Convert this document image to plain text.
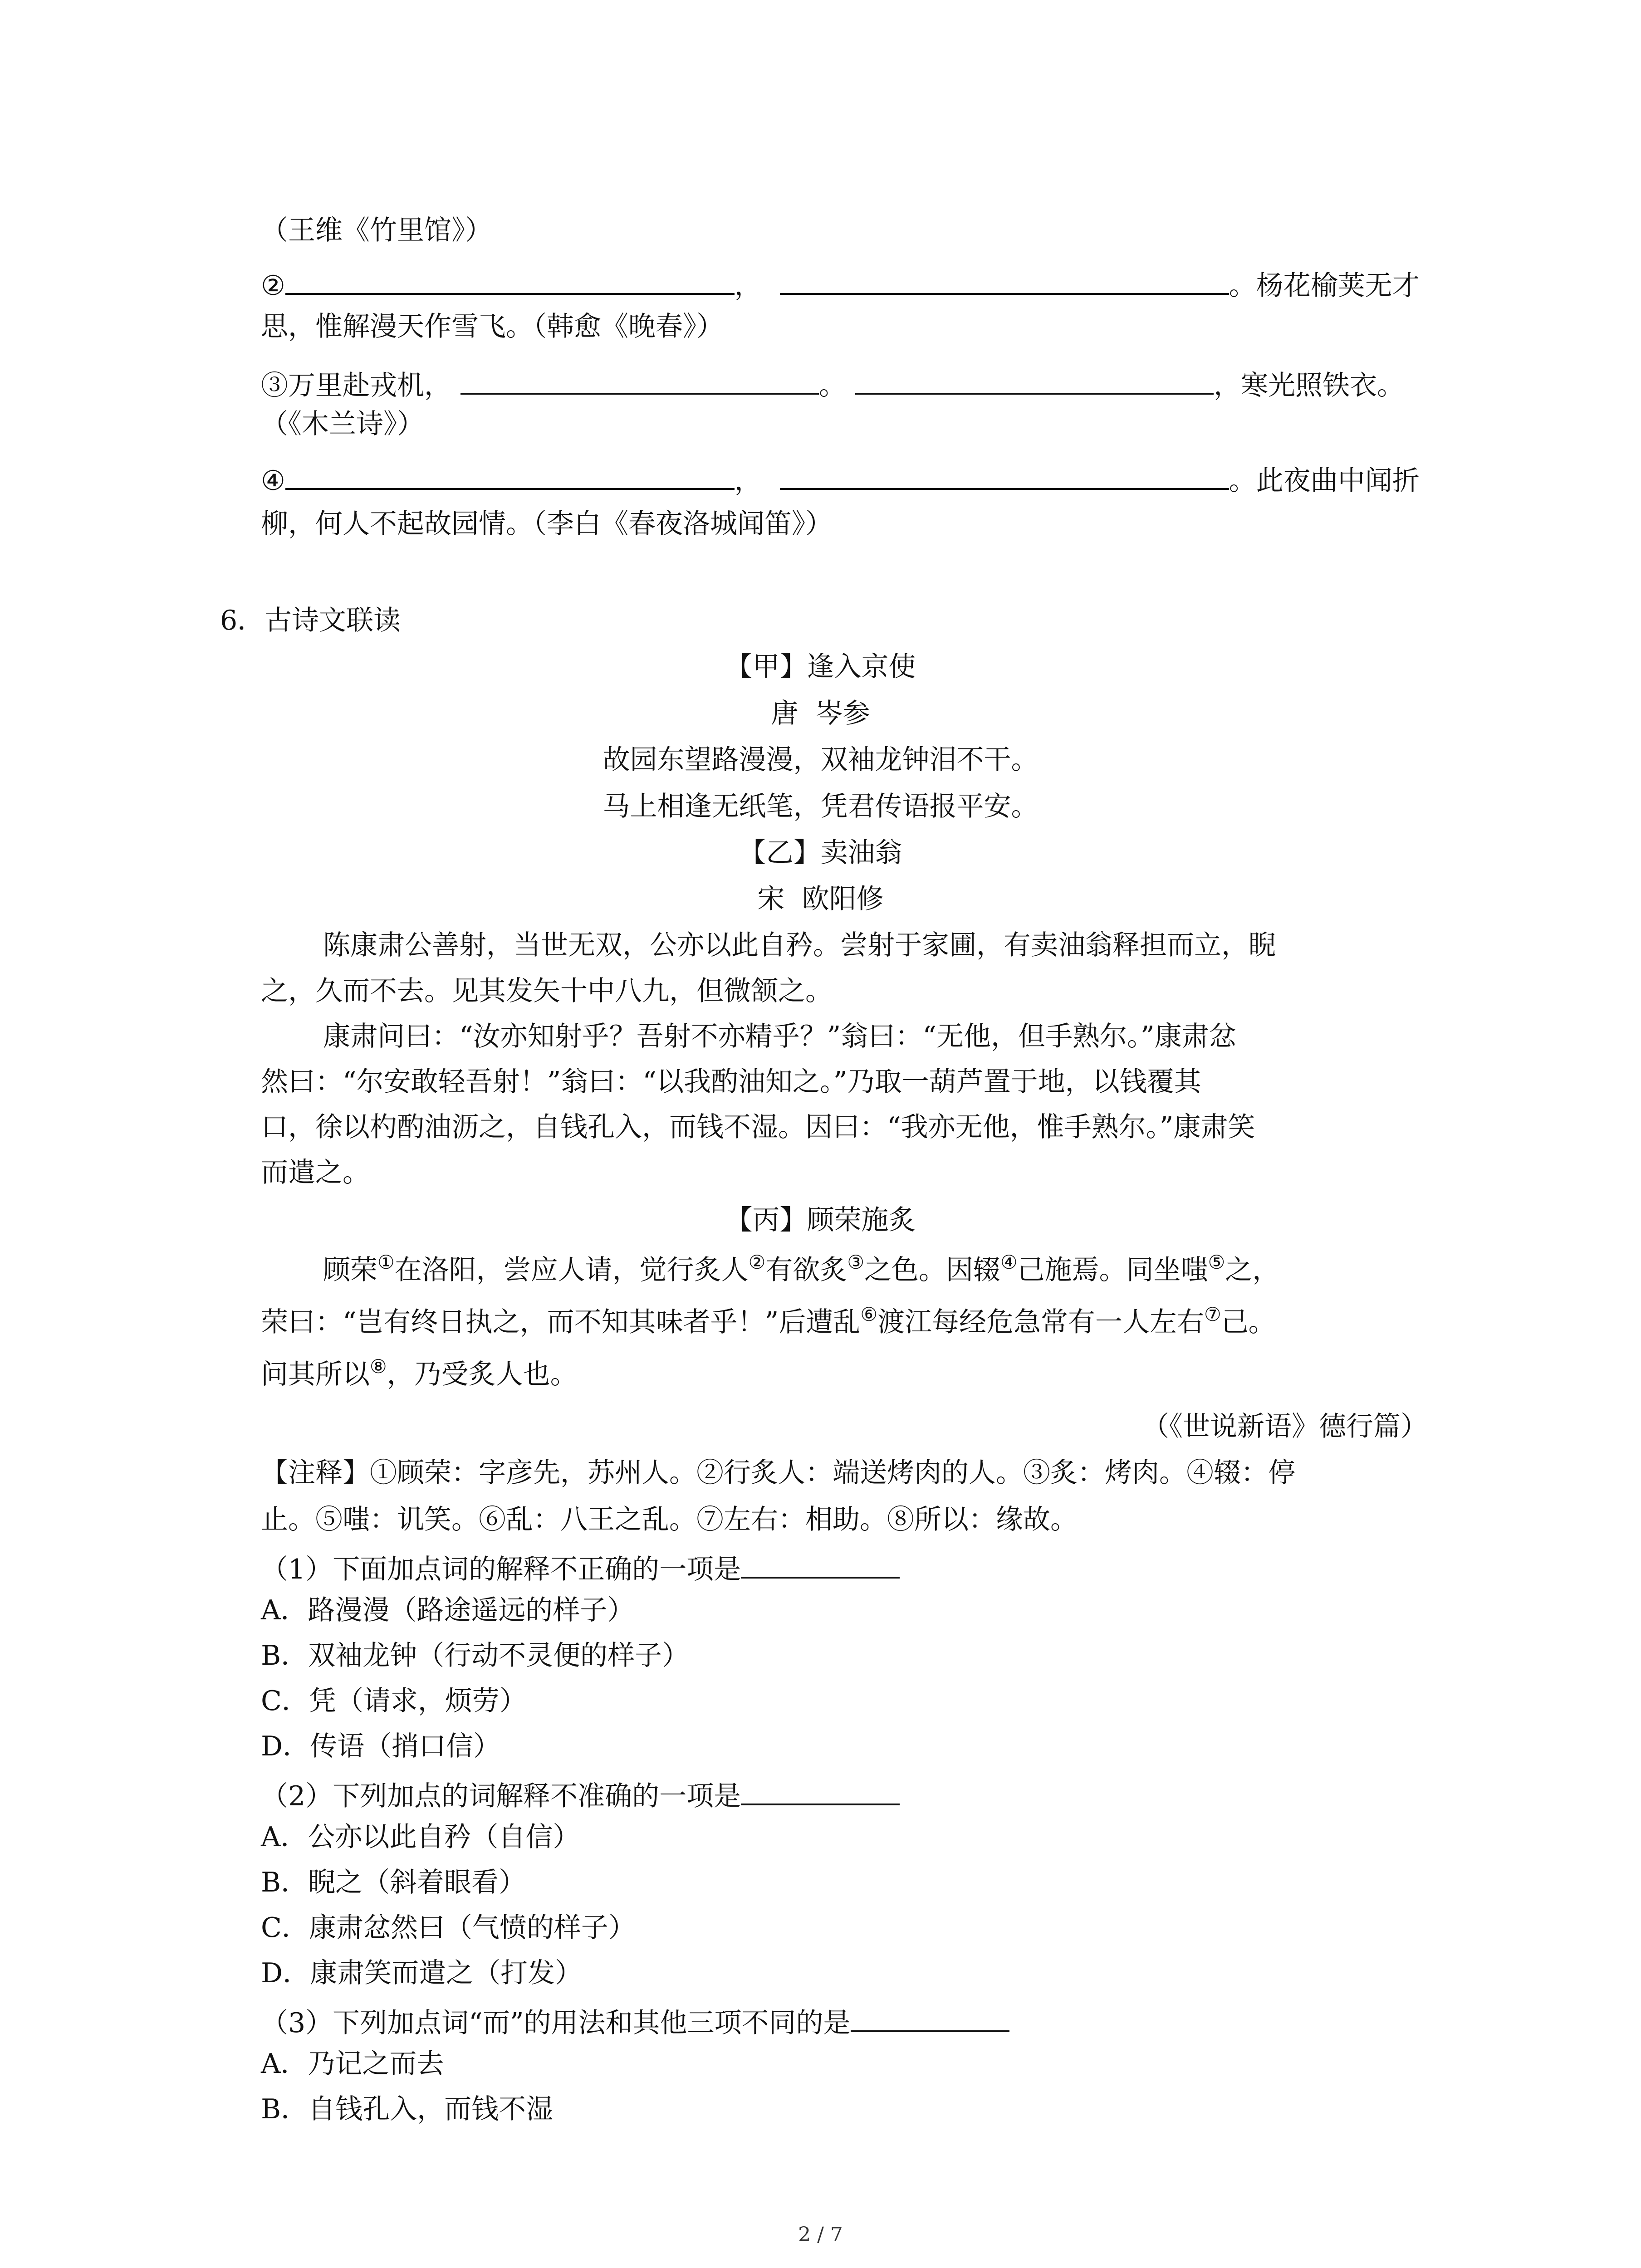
（王维《竹里馆》）
②	，	。杨花榆荚无才
思，惟解漫天作雪飞。（韩愈《晚春》）
③万里赴戎机，	。	，寒光照铁衣。
（《木兰诗》）
④	，	。此夜曲中闻折
柳，何人不起故园情。（李白《春夜洛城闻笛》）
6．古诗文联读
【甲】逢入京使
唐  岑参
故园东望路漫漫，双袖龙钟泪不干。
马上相逢无纸笔，凭君传语报平安。
【乙】卖油翁
宋  欧阳修
陈康肃公善射，当世无双，公亦以此自矜。尝射于家圃，有卖油翁释担而立，睨
之，久而不去。见其发矢十中八九，但微颔之。
康肃问曰：“汝亦知射乎？吾射不亦精乎？”翁曰：“无他，但手熟尔。”康肃忿
然曰：“尔安敢轻吾射！”翁曰：“以我酌油知之。”乃取一葫芦置于地，以钱覆其
口，徐以杓酌油沥之，自钱孔入，而钱不湿。因曰：“我亦无他，惟手熟尔。”康肃笑
而遣之。
【丙】顾荣施炙
顾荣①在洛阳，尝应人请，觉行炙人②有欲炙③之色。因辍④己施焉。同坐嗤⑤之，
荣曰：“岂有终日执之，而不知其味者乎！”后遭乱⑥渡江每经危急常有一人左右⑦己。
问其所以⑧，乃受炙人也。
（《世说新语》德行篇）
【注释】①顾荣：字彦先，苏州人。②行炙人：端送烤肉的人。③炙：烤肉。④辍：停
止。⑤嗤：讥笑。⑥乱：八王之乱。⑦左右：相助。⑧所以：缘故。
（1）下面加点词的解释不正确的一项是
A．路漫漫（路途遥远的样子）
B．双袖龙钟（行动不灵便的样子）
C．凭（请求，烦劳）
D．传语（捎口信）
（2）下列加点的词解释不准确的一项是
A．公亦以此自矜（自信）
B．睨之（斜着眼看）
C．康肃忿然曰（气愤的样子）
D．康肃笑而遣之（打发）
（3）下列加点词“而”的用法和其他三项不同的是
A．乃记之而去
B．自钱孔入，而钱不湿
2 / 7
